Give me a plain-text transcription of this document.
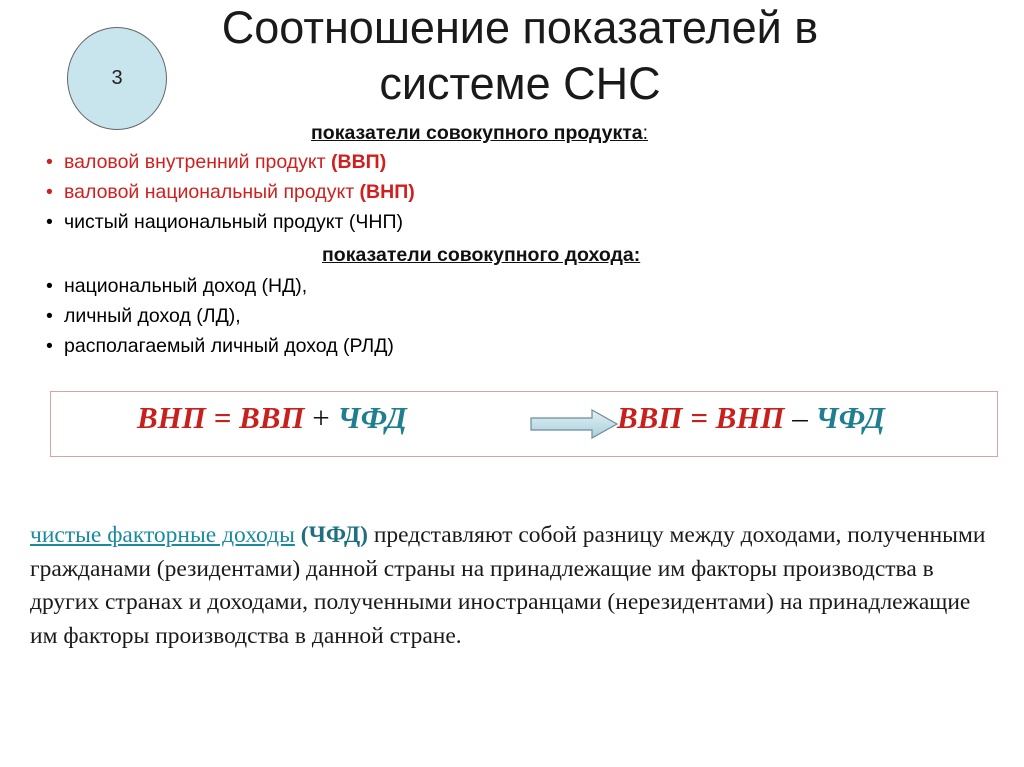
3
Соотношение показателей в
системе СНС
показатели совокупного продукта:
• валовой внутренний продукт (ВВП)
• валовой национальный продукт (ВНП)
• чистый национальный продукт (ЧНП)
показатели совокупного дохода:
• национальный доход (НД),
• личный доход (ЛД),
• располагаемый личный доход (РЛД)
ВНП = ВВП + ЧФД	ВВП = ВНП – ЧФД

чистые факторные доходы (ЧФД) представляют собой разницу между доходами, полученными гражданами (резидентами) данной страны на принадлежащие им факторы производства в других странах и доходами, полученными иностранцами (нерезидентами) на принадлежащие им факторы производства в данной стране.
